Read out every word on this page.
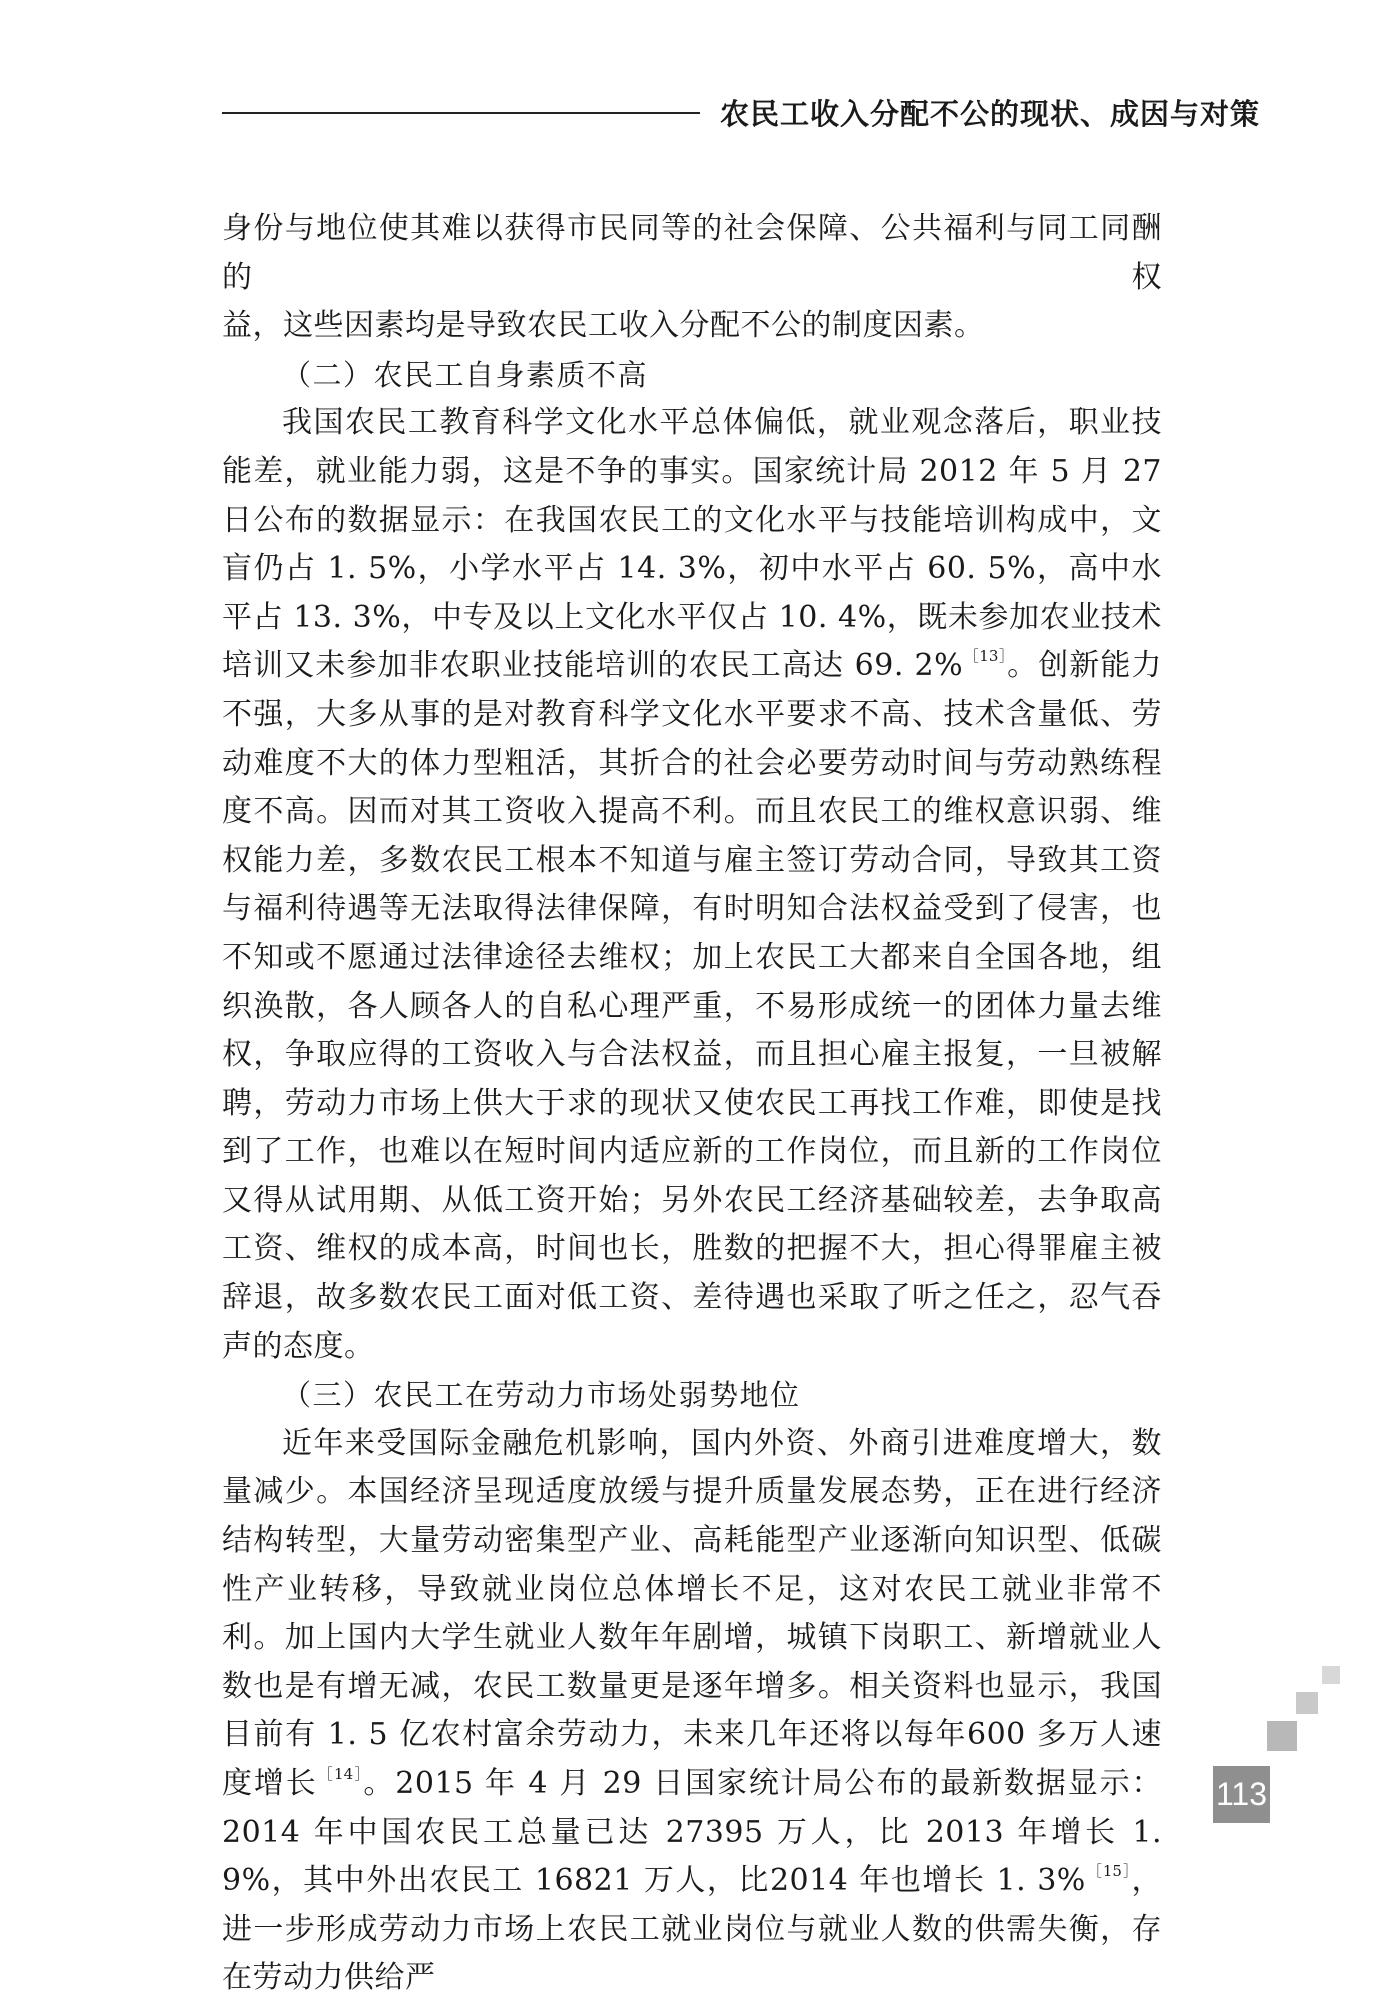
农民工收入分配不公的现状、成因与对策

身份与地位使其难以获得市民同等的社会保障、公共福利与同工同酬的权

益，这些因素均是导致农民工收入分配不公的制度因素。

（二）农民工自身素质不高

我国农民工教育科学文化水平总体偏低，就业观念落后，职业技能差，就业能力弱，这是不争的事实。国家统计局 2012 年 5 月 27 日公布的数据显示：在我国农民工的文化水平与技能培训构成中，文盲仍占 1. 5%，小学水平占 14. 3%，初中水平占 60. 5%，高中水平占 13. 3%，中专及以上文化水平仅占 10. 4%，既未参加农业技术培训又未参加非农职业技能培训的农民工高达 69. 2%$^{[13]}$。创新能力不强，大多从事的是对教育科学文化水平要求不高、技术含量低、劳动难度不大的体力型粗活，其折合的社会必要劳动时间与劳动熟练程度不高。因而对其工资收入提高不利。而且农民工的维权意识弱、维权能力差，多数农民工根本不知道与雇主签订劳动合同，导致其工资与福利待遇等无法取得法律保障，有时明知合法权益受到了侵害，也不知或不愿通过法律途径去维权；加上农民工大都来自全国各地，组织涣散，各人顾各人的自私心理严重，不易形成统一的团体力量去维权，争取应得的工资收入与合法权益，而且担心雇主报复，一旦被解聘，劳动力市场上供大于求的现状又使农民工再找工作难，即使是找到了工作，也难以在短时间内适应新的工作岗位，而且新的工作岗位又得从试用期、从低工资开始；另外农民工经济基础较差，去争取高工资、维权的成本高，时间也长，胜数的把握不大，担心得罪雇主被辞退，故多数农民工面对低工资、差待遇也采取了听之任之，忍气吞声的态度。

（三）农民工在劳动力市场处弱势地位

近年来受国际金融危机影响，国内外资、外商引进难度增大，数量减少。本国经济呈现适度放缓与提升质量发展态势，正在进行经济结构转型，大量劳动密集型产业、高耗能型产业逐渐向知识型、低碳性产业转移，导致就业岗位总体增长不足，这对农民工就业非常不利。加上国内大学生就业人数年年剧增，城镇下岗职工、新增就业人数也是有增无减，农民工数量更是逐年增多。相关资料也显示，我国目前有 1. 5 亿农村富余劳动力，未来几年还将以每年600 多万人速度增长$^{[14]}$。2015 年 4 月 29 日国家统计局公布的最新数据显示：2014 年中国农民工总量已达 27395 万人，比 2013 年增长 1. 9%，其中外出农民工 16821 万人，比2014 年也增长 1. 3%$^{[15]}$，进一步形成劳动力市场上农民工就业岗位与就业人数的供需失衡，存在劳动力供给严

113
